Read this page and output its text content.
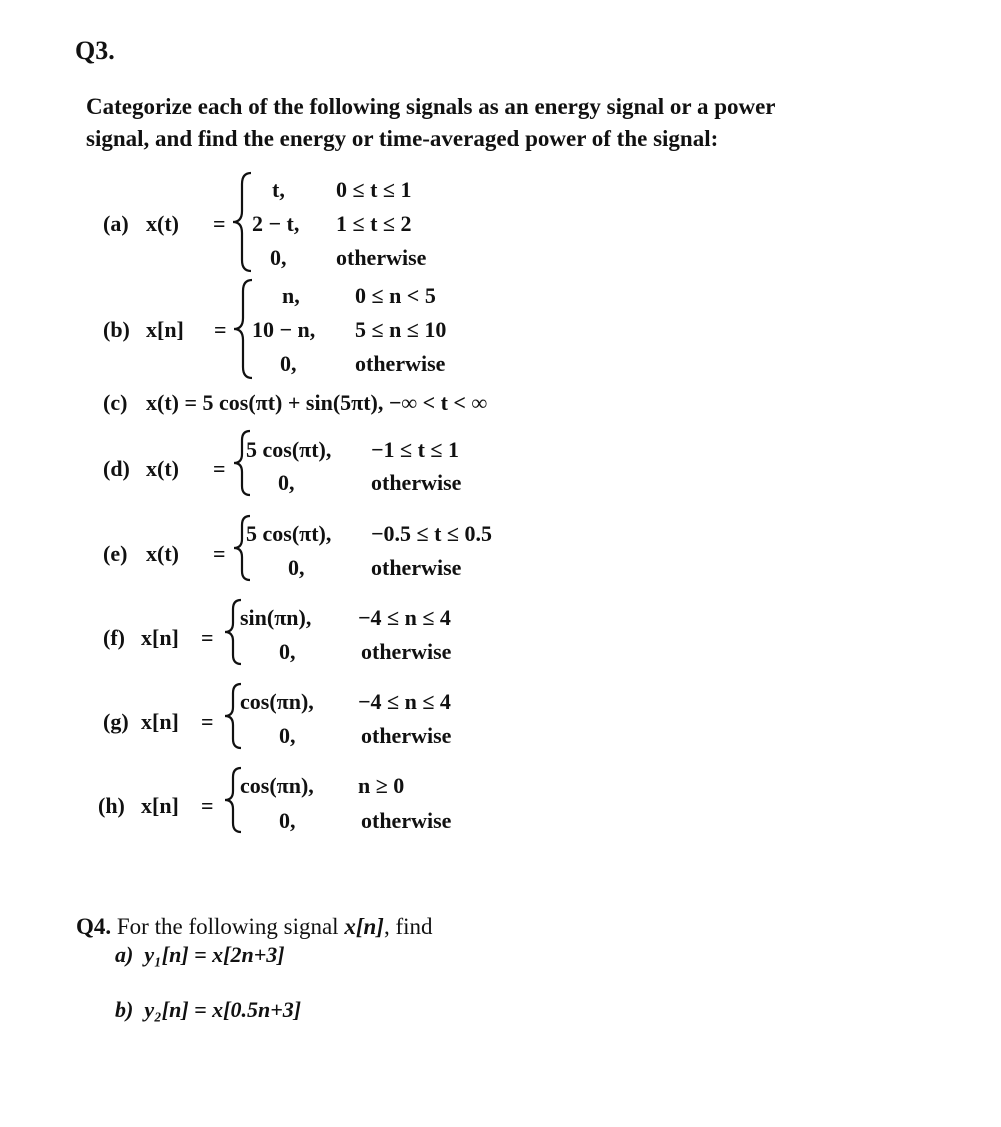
Q3.
Categorize each of the following signals as an energy signal or a power
signal, and find the energy or time-averaged power of the signal:
(a) x(t) =
t, 0 ≤ t ≤ 1
2 − t, 1 ≤ t ≤ 2
0, otherwise
(b) x[n] =
n,	0 ≤ n < 5
10 − n, 5 ≤ n ≤ 10
0,	otherwise
(c) x(t) = 5 cos(πt) + sin(5πt), −∞ < t < ∞
(d) x(t) =
5 cos(πt), −1 ≤ t ≤ 1
0,	otherwise
(e) x(t) =
5 cos(πt), −0.5 ≤ t ≤ 0.5
0,	otherwise
(f) x[n] =
sin(πn), −4 ≤ n ≤ 4
0,	otherwise
(g) x[n] =
cos(πn), −4 ≤ n ≤ 4
0,	otherwise
(h) x[n] =
cos(πn), n ≥ 0
0,	otherwise
Q4. For the following signal x[n], find
a) y₁[n] = x[2n+3]
b) y₂[n] = x[0.5n+3]
